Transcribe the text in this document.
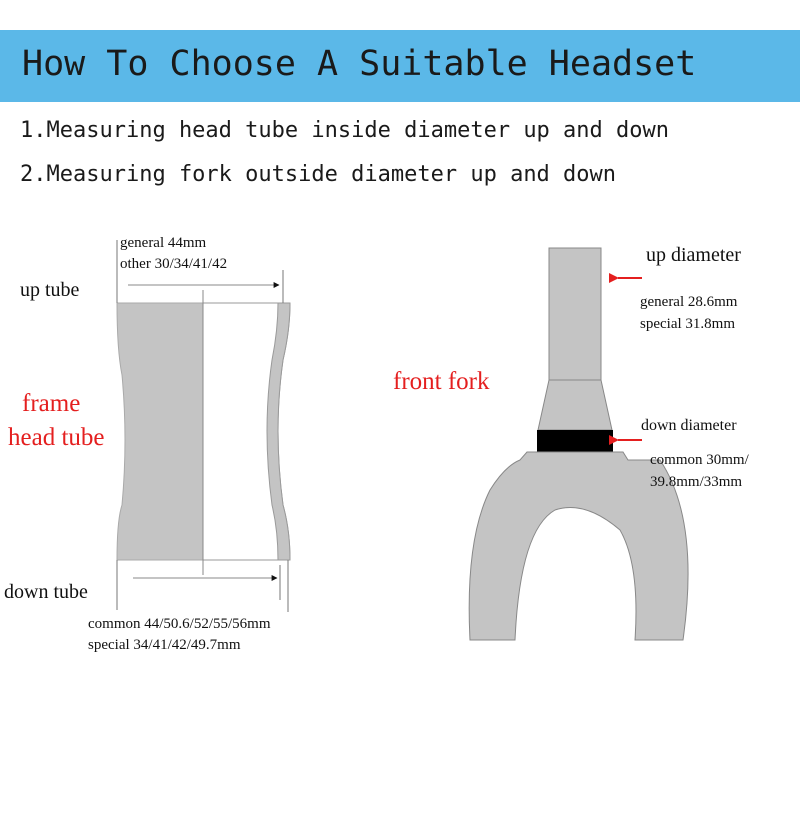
How To Choose A Suitable Headset
1.Measuring head tube inside diameter up and down
2.Measuring fork outside diameter up and down
general 44mm
other 30/34/41/42
up tube
frame
head tube
down tube
common 44/50.6/52/55/56mm
special 34/41/42/49.7mm
front fork
up diameter
general 28.6mm
special 31.8mm
down diameter
common 30mm/
39.8mm/33mm
